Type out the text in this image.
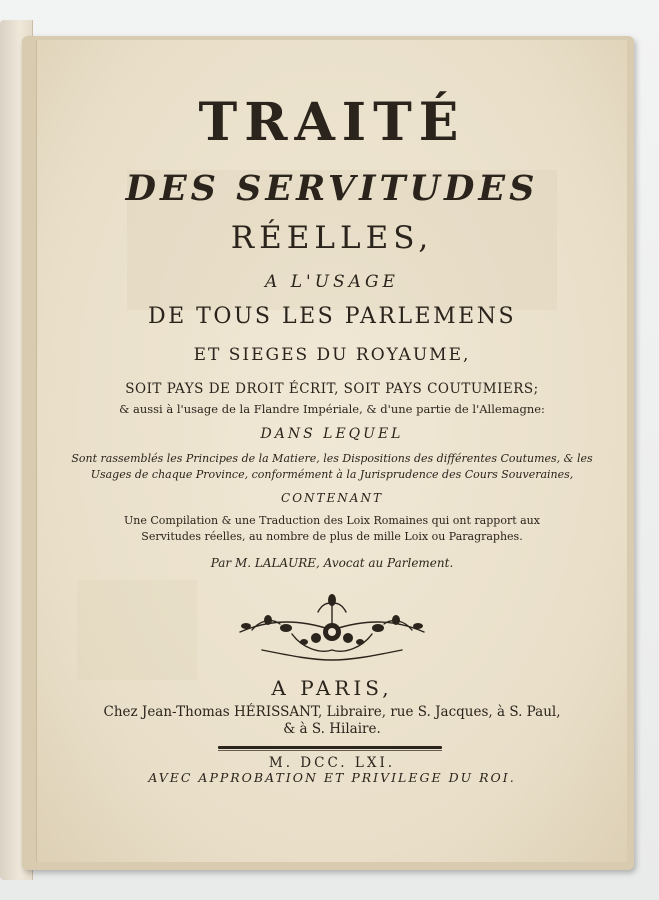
TRAITÉ
DES SERVITUDES
RÉELLES,
A L'USAGE
DE TOUS LES PARLEMENS
ET SIEGES DU ROYAUME,
SOIT PAYS DE DROIT ÉCRIT, SOIT PAYS COUTUMIERS;
& aussi à l'usage de la Flandre Impériale, & d'une partie de l'Allemagne:
DANS LEQUEL
Sont rassemblés les Principes de la Matiere, les Dispositions des différentes Coutumes, & les
Usages de chaque Province, conformément à la Jurisprudence des Cours Souveraines,
CONTENANT
Une Compilation & une Traduction des Loix Romaines qui ont rapport aux
Servitudes réelles, au nombre de plus de mille Loix ou Paragraphes.
Par M. LALAURE, Avocat au Parlement.
A PARIS,
Chez Jean-Thomas HÉRISSANT, Libraire, rue S. Jacques, à S. Paul,
& à S. Hilaire.
M. DCC. LXI.
AVEC APPROBATION ET PRIVILEGE DU ROI.
